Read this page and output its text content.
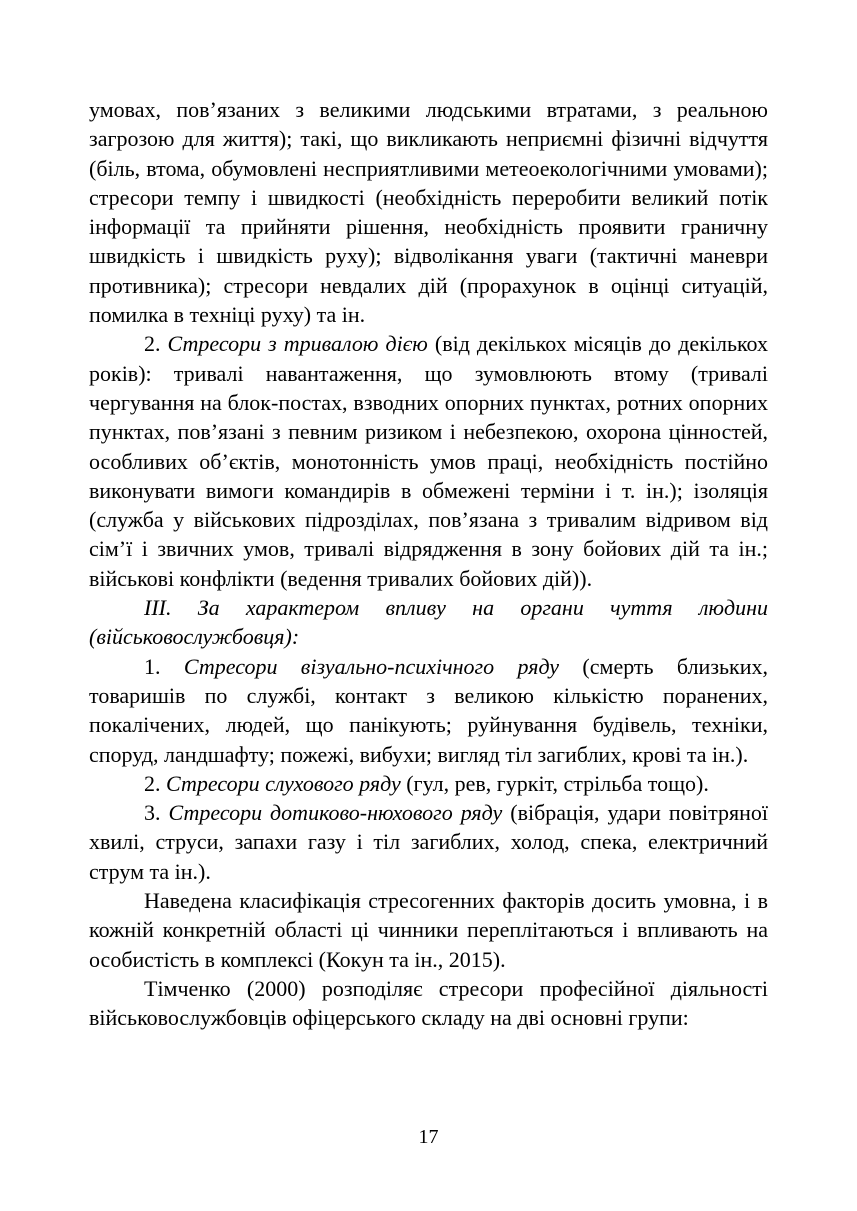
умовах, пов’язаних з великими людськими втратами, з реальною загрозою для життя); такі, що викликають неприємні фізичні відчуття (біль, втома, обумовлені несприятливими метеоекологічними умовами); стресори темпу і швидкості (необхідність переробити великий потік інформації та прийняти рішення, необхідність проявити граничну швидкість і швидкість руху); відволікання уваги (тактичні маневри противника); стресори невдалих дій (прорахунок в оцінці ситуацій, помилка в техніці руху) та ін.

2. Стресори з тривалою дією (від декількох місяців до декількох років): тривалі навантаження, що зумовлюють втому (тривалі чергування на блок-постах, взводних опорних пунктах, ротних опорних пунктах, пов’язані з певним ризиком і небезпекою, охорона цінностей, особливих об’єктів, монотонність умов праці, необхідність постійно виконувати вимоги командирів в обмежені терміни і т. ін.); ізоляція (служба у військових підрозділах, пов’язана з тривалим відривом від сім’ї і звичних умов, тривалі відрядження в зону бойових дій та ін.; військові конфлікти (ведення тривалих бойових дій)).

ІІІ. За характером впливу на органи чуття людини (військовослужбовця):

1. Стресори візуально-психічного ряду (смерть близьких, товаришів по службі, контакт з великою кількістю поранених, покалічених, людей, що панікують; руйнування будівель, техніки, споруд, ландшафту; пожежі, вибухи; вигляд тіл загиблих, крові та ін.).

2. Стресори слухового ряду (гул, рев, гуркіт, стрільба тощо).

3. Стресори дотиково-нюхового ряду (вібрація, удари повітряної хвилі, струси, запахи газу і тіл загиблих, холод, спека, електричний струм та ін.).

Наведена класифікація стресогенних факторів досить умовна, і в кожній конкретній області ці чинники переплітаються і впливають на особистість в комплексі (Кокун та ін., 2015).

Тімченко (2000) розподіляє стресори професійної діяльності військовослужбовців офіцерського складу на дві основні групи:

17
